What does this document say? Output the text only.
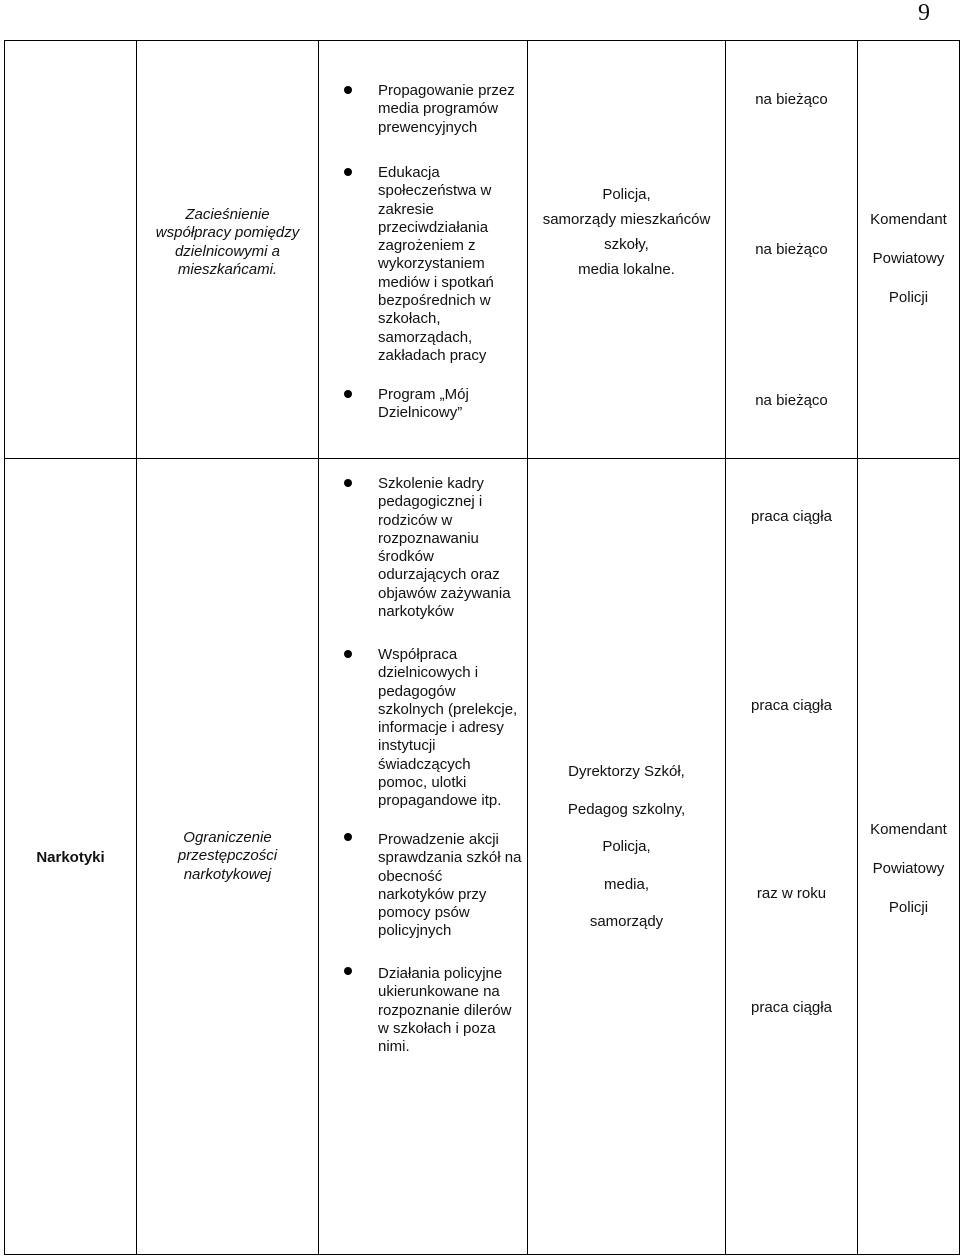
9
Zacieśnienie
współpracy pomiędzy
dzielnicowymi a
mieszkańcami.
Propagowanie przez
media programów
prewencyjnych
na bieżąco
Edukacja
społeczeństwa w
zakresie
przeciwdziałania
zagrożeniem z
wykorzystaniem
mediów i spotkań
bezpośrednich w
szkołach,
samorządach,
zakładach pracy
na bieżąco
Policja,
samorządy mieszkańców
szkoły,
media lokalne.
Komendant
Powiatowy
Policji
Program „Mój
Dzielnicowy”
na bieżąco
Narkotyki
Ograniczenie
przestępczości
narkotykowej
Szkolenie kadry
pedagogicznej i
rodziców w
rozpoznawaniu
środków
odurzających oraz
objawów zażywania
narkotyków
praca ciągła
Współpraca
dzielnicowych i
pedagogów
szkolnych (prelekcje,
informacje i adresy
instytucji
świadczących
pomoc, ulotki
propagandowe itp.
praca ciągła
Dyrektorzy Szkół,
Pedagog szkolny,
Policja,
media,
samorządy
Komendant
Powiatowy
Policji
Prowadzenie akcji
sprawdzania szkół na
obecność
narkotyków przy
pomocy psów
policyjnych
raz w roku
Działania policyjne
ukierunkowane na
rozpoznanie dilerów
w szkołach i poza
nimi.
praca ciągła
